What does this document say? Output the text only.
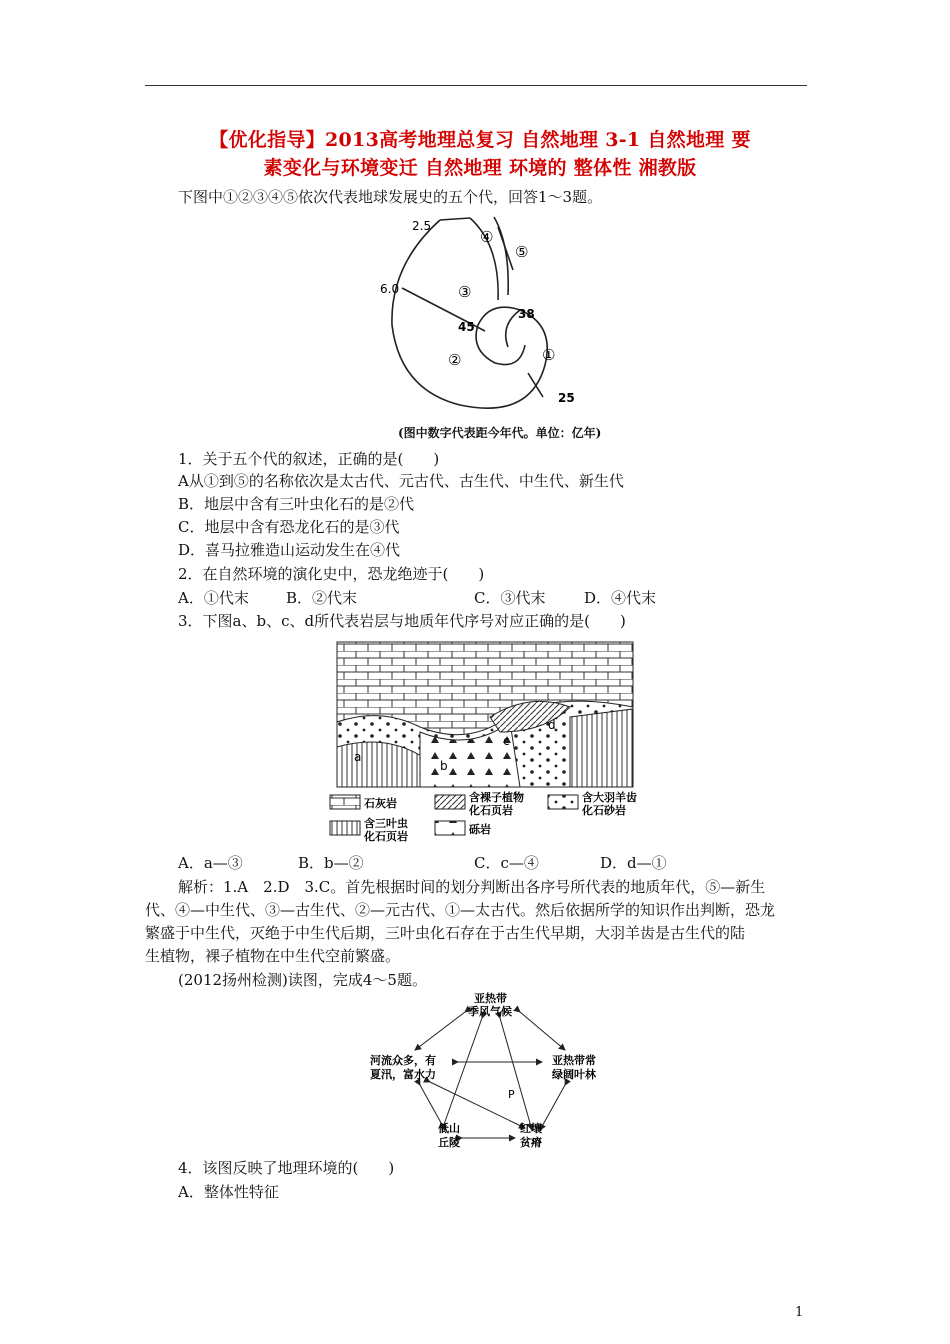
【优化指导】2013高考地理总复习 自然地理 3-1 自然地理 要
素变化与环境变迁 自然地理 环境的 整体性 湘教版
下图中①②③④⑤依次代表地球发展史的五个代，回答1～3题。
2.5
6.0
45
38
25
①
②
③
④
⑤
(图中数字代表距今年代。单位：亿年)
1．关于五个代的叙述，正确的是(　　)
A从①到⑤的名称依次是太古代、元古代、古生代、中生代、新生代
B．地层中含有三叶虫化石的是②代
C．地层中含有恐龙化石的是③代
D．喜马拉雅造山运动发生在④代
2．在自然环境的演化史中，恐龙绝迹于(　　)
A．①代末 B．②代末	C．③代末	D．④代末
3．下图a、b、c、d所代表岩层与地质年代序号对应正确的是(　　)
a
b
c
d
石灰岩	含裸子植物
化石页岩
含大羽羊齿
化石砂岩
含三叶虫
化石页岩
砾岩
A．a—③	B．b—②	C．c—④	D．d—①
解析：1.A　2.D　3.C。首先根据时间的划分判断出各序号所代表的地质年代，⑤—新生
代、④—中生代、③—古生代、②—元古代、①—太古代。然后依据所学的知识作出判断，恐龙
繁盛于中生代，灭绝于中生代后期，三叶虫化石存在于古生代早期，大羽羊齿是古生代的陆
生植物，裸子植物在中生代空前繁盛。
(2012扬州检测)读图，完成4～5题。
亚热带
季风气候
河流众多，有
夏汛，富水力
亚热带常
绿阔叶林
低山
丘陵
红壤
贫瘠
P
4．该图反映了地理环境的(　　)
A．整体性特征
1
